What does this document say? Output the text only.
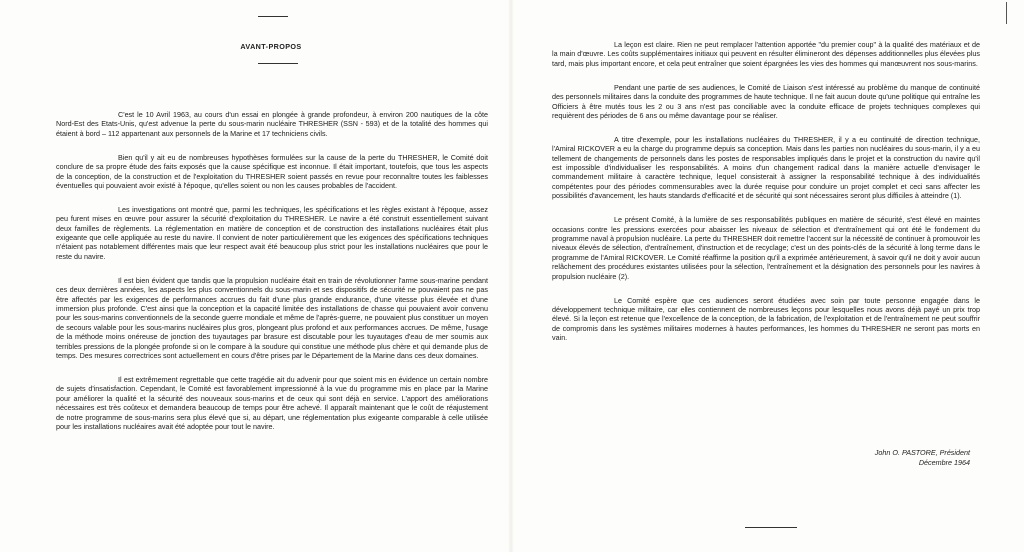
AVANT-PROPOS

C'est le 10 Avril 1963, au cours d'un essai en plongée à grande profondeur, à environ 200 nautiques de la côte Nord-Est des Etats-Unis, qu'est advenue la perte du sous-marin nucléaire THRESHER (SSN - 593) et de la totalité des hommes qui étaient à bord – 112 appartenant aux personnels de la Marine et 17 techniciens civils.

Bien qu'il y ait eu de nombreuses hypothèses formulées sur la cause de la perte du THRESHER, le Comité doit conclure de sa propre étude des faits exposés que la cause spécifique est inconnue. Il était important, toutefois, que tous les aspects de la conception, de la construction et de l'exploitation du THRESHER soient passés en revue pour reconnaître toutes les faiblesses éventuelles qui pouvaient avoir existé à l'époque, qu'elles soient ou non les causes probables de l'accident.

Les investigations ont montré que, parmi les techniques, les spécifications et les règles existant à l'époque, assez peu furent mises en œuvre pour assurer la sécurité d'exploitation du THRESHER. Le navire a été construit essentiellement suivant deux familles de règlements. La réglementation en matière de conception et de construction des installations nucléaires était plus exigeante que celle appliquée au reste du navire. Il convient de noter particulièrement que les exigences des spécifications techniques n'étaient pas notablement différentes mais que leur respect avait été beaucoup plus strict pour les installations nucléaires que pour le reste du navire.

Il est bien évident que tandis que la propulsion nucléaire était en train de révolutionner l'arme sous-marine pendant ces deux dernières années, les aspects les plus conventionnels du sous-marin et ses dispositifs de sécurité ne pouvaient pas ne pas être affectés par les exigences de performances accrues du fait d'une plus grande endurance, d'une vitesse plus élevée et d'une immersion plus profonde. C'est ainsi que la conception et la capacité limitée des installations de chasse qui pouvaient avoir convenu pour les sous-marins conventionnels de la seconde guerre mondiale et même de l'après-guerre, ne pouvaient plus constituer un moyen de secours valable pour les sous-marins nucléaires plus gros, plongeant plus profond et aux performances accrues. De même, l'usage de la méthode moins onéreuse de jonction des tuyautages par brasure est discutable pour les tuyautages d'eau de mer soumis aux terribles pressions de la plongée profonde si on le compare à la soudure qui constitue une méthode plus chère et qui demande plus de temps. Des mesures correctrices sont actuellement en cours d'être prises par le Département de la Marine dans ces deux domaines.

Il est extrêmement regrettable que cette tragédie ait du advenir pour que soient mis en évidence un certain nombre de sujets d'insatisfaction. Cependant, le Comité est favorablement impressionné à la vue du programme mis en place par la Marine pour améliorer la qualité et la sécurité des nouveaux sous-marins et de ceux qui sont déjà en service. L'apport des améliorations nécessaires est très coûteux et demandera beaucoup de temps pour être achevé. Il apparaît maintenant que le coût de réajustement de notre programme de sous-marins sera plus élevé que si, au départ, une réglementation plus exigeante comparable à celle utilisée pour les installations nucléaires avait été adoptée pour tout le navire.

La leçon est claire. Rien ne peut remplacer l'attention apportée "du premier coup" à la qualité des matériaux et de la main d'œuvre. Les coûts supplémentaires initiaux qui peuvent en résulter élimineront des dépenses additionnelles plus élevées plus tard, mais plus important encore, et cela peut entraîner que soient épargnées les vies des hommes qui manœuvrent nos sous-marins.

Pendant une partie de ses audiences, le Comité de Liaison s'est intéressé au problème du manque de continuité des personnels militaires dans la conduite des programmes de haute technique. Il ne fait aucun doute qu'une politique qui entraîne les Officiers à être mutés tous les 2 ou 3 ans n'est pas conciliable avec la conduite efficace de projets techniques complexes qui requièrent des périodes de 6 ans ou même davantage pour se réaliser.

A titre d'exemple, pour les installations nucléaires du THRESHER, il y a eu continuité de direction technique, l'Amiral RICKOVER a eu la charge du programme depuis sa conception. Mais dans les parties non nucléaires du sous-marin, il y a eu tellement de changements de personnels dans les postes de responsables impliqués dans le projet et la construction du navire qu'il est impossible d'individualiser les responsabilités. A moins d'un changement radical dans la manière actuelle d'envisager le commandement militaire à caractère technique, lequel consisterait à assigner la responsabilité technique à des individualités compétentes pour des périodes commensurables avec la durée requise pour conduire un projet complet et ceci sans affecter les possibilités d'avancement, les hauts standards d'efficacité et de sécurité qui sont nécessaires seront plus difficiles à atteindre (1).

Le présent Comité, à la lumière de ses responsabilités publiques en matière de sécurité, s'est élevé en maintes occasions contre les pressions exercées pour abaisser les niveaux de sélection et d'entraînement qui ont été le fondement du programme naval à propulsion nucléaire. La perte du THRESHER doit remettre l'accent sur la nécessité de continuer à promouvoir les niveaux élevés de sélection, d'entraînement, d'instruction et de recyclage; c'est un des points-clés de la sécurité à long terme dans le programme de l'Amiral RICKOVER. Le Comité réaffirme la position qu'il a exprimée antérieurement, à savoir qu'il ne doit y avoir aucun relâchement des procédures existantes utilisées pour la sélection, l'entraînement et la désignation des personnels pour les navires à propulsion nucléaire (2).

Le Comité espère que ces audiences seront étudiées avec soin par toute personne engagée dans le développement technique militaire, car elles contiennent de nombreuses leçons pour lesquelles nous avons déjà payé un prix trop élevé. Si la leçon est retenue que l'excellence de la conception, de la fabrication, de l'exploitation et de l'entraînement ne peut souffrir de compromis dans les systèmes militaires modernes à hautes performances, les hommes du THRESHER ne seront pas morts en vain.

John O. PASTORE, Président
Décembre 1964
